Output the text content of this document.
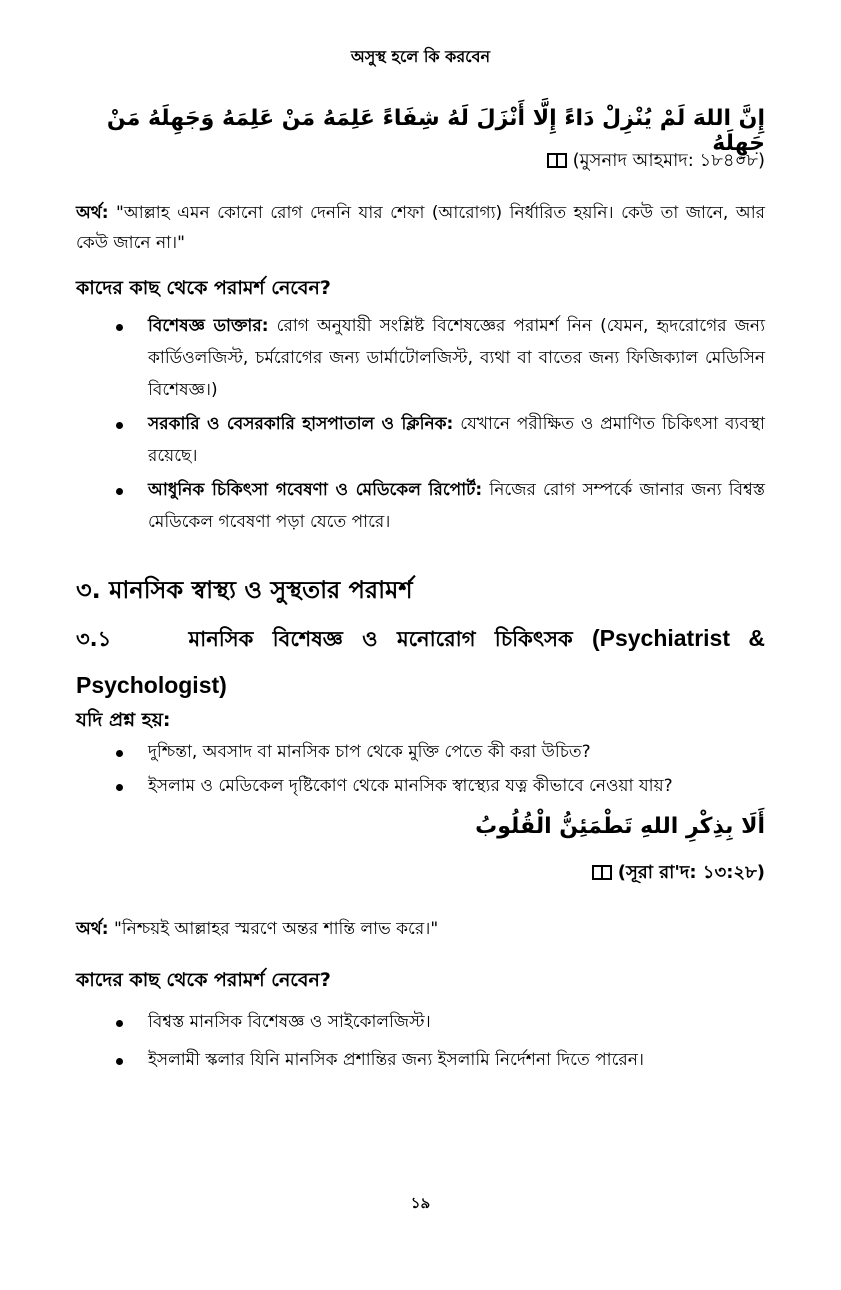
অসুস্থ হলে কি করবেন
إِنَّ اللهَ لَمْ يُنْزِلْ دَاءً إِلَّا أَنْزَلَ لَهُ شِفَاءً عَلِمَهُ مَنْ عَلِمَهُ وَجَهِلَهُ مَنْ جَهِلَهُ
(মুসনাদ আহমাদ: ১৮৪০৮)
অর্থ: "আল্লাহ এমন কোনো রোগ দেননি যার শেফা (আরোগ্য) নির্ধারিত হয়নি। কেউ তা জানে, আর কেউ জানে না।"
কাদের কাছ থেকে পরামর্শ নেবেন?
বিশেষজ্ঞ ডাক্তার: রোগ অনুযায়ী সংশ্লিষ্ট বিশেষজ্ঞের পরামর্শ নিন (যেমন, হৃদরোগের জন্য কার্ডিওলজিস্ট, চর্মরোগের জন্য ডার্মাটোলজিস্ট, ব্যথা বা বাতের জন্য ফিজিক্যাল মেডিসিন বিশেষজ্ঞ।)
সরকারি ও বেসরকারি হাসপাতাল ও ক্লিনিক: যেখানে পরীক্ষিত ও প্রমাণিত চিকিৎসা ব্যবস্থা রয়েছে।
আধুনিক চিকিৎসা গবেষণা ও মেডিকেল রিপোর্ট: নিজের রোগ সম্পর্কে জানার জন্য বিশ্বস্ত মেডিকেল গবেষণা পড়া যেতে পারে।
৩. মানসিক স্বাস্থ্য ও সুস্থতার পরামর্শ
৩.১	মানসিক বিশেষজ্ঞ ও মনোরোগ চিকিৎসক (Psychiatrist & Psychologist)
যদি প্রশ্ন হয়:
দুশ্চিন্তা, অবসাদ বা মানসিক চাপ থেকে মুক্তি পেতে কী করা উচিত?
ইসলাম ও মেডিকেল দৃষ্টিকোণ থেকে মানসিক স্বাস্থ্যের যত্ন কীভাবে নেওয়া যায়?
أَلَا بِذِكْرِ اللهِ تَطْمَئِنُّ الْقُلُوبُ
(সূরা রা'দ: ১৩:২৮)
অর্থ: "নিশ্চয়ই আল্লাহর স্মরণে অন্তর শান্তি লাভ করে।"
কাদের কাছ থেকে পরামর্শ নেবেন?
বিশ্বস্ত মানসিক বিশেষজ্ঞ ও সাইকোলজিস্ট।
ইসলামী স্কলার যিনি মানসিক প্রশান্তির জন্য ইসলামি নির্দেশনা দিতে পারেন।
১৯
